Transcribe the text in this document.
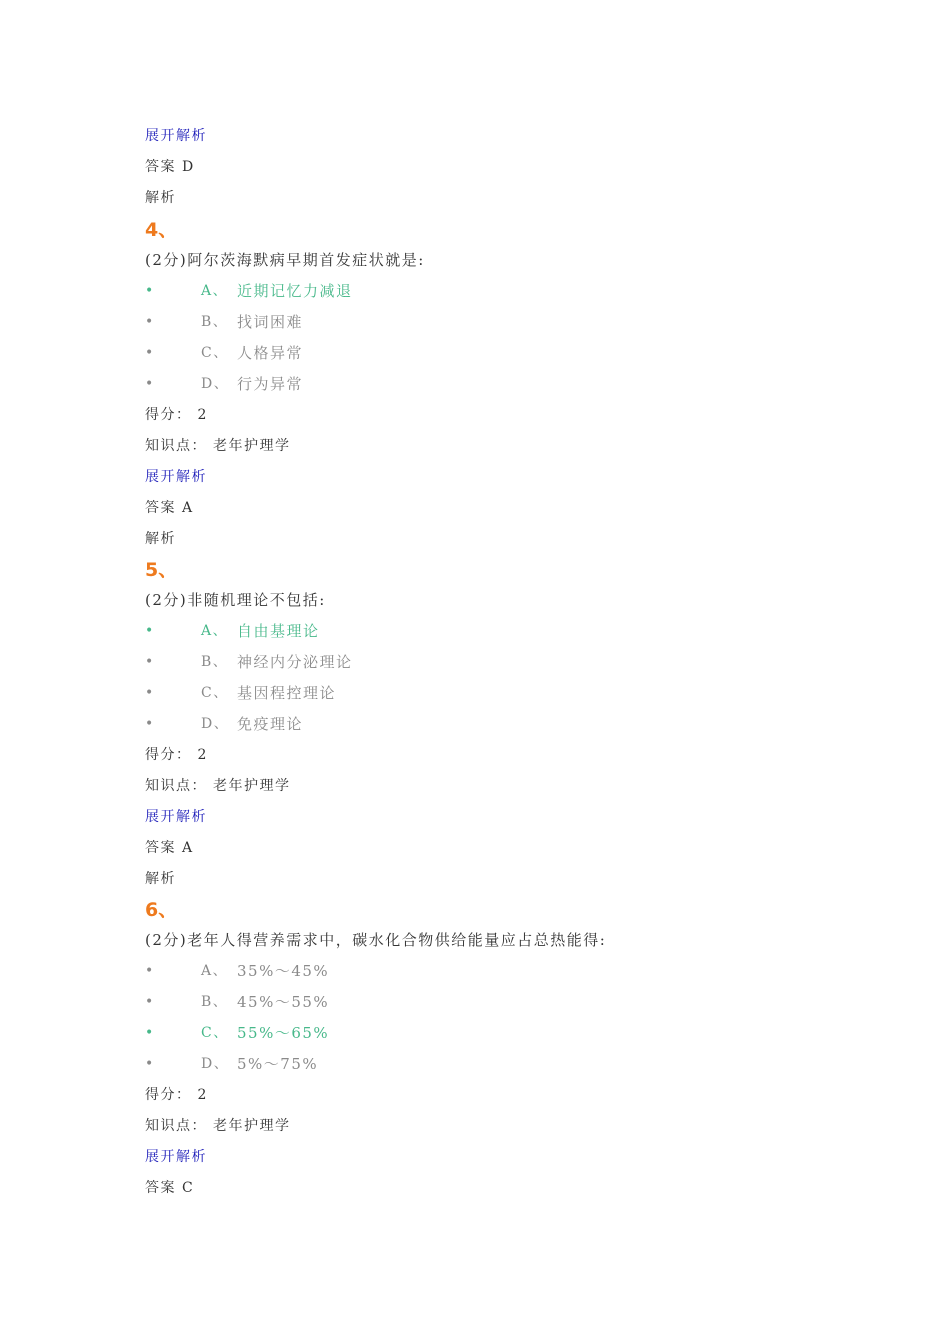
展开解析
答案 D
解析
4、
(2分)阿尔茨海默病早期首发症状就是:
•	A、 近期记忆力减退
•	B、 找词困难
•	C、 人格异常
•	D、 行为异常
得分： 2
知识点： 老年护理学
展开解析
答案 A
解析
5、
(2分)非随机理论不包括:
•	A、 自由基理论
•	B、 神经内分泌理论
•	C、 基因程控理论
•	D、 免疫理论
得分： 2
知识点： 老年护理学
展开解析
答案 A
解析
6、
(2分)老年人得营养需求中，碳水化合物供给能量应占总热能得:
•	A、 35%～45%
•	B、 45%～55%
•	C、 55%～65%
•	D、 5%～75%
得分： 2
知识点： 老年护理学
展开解析
答案 C
